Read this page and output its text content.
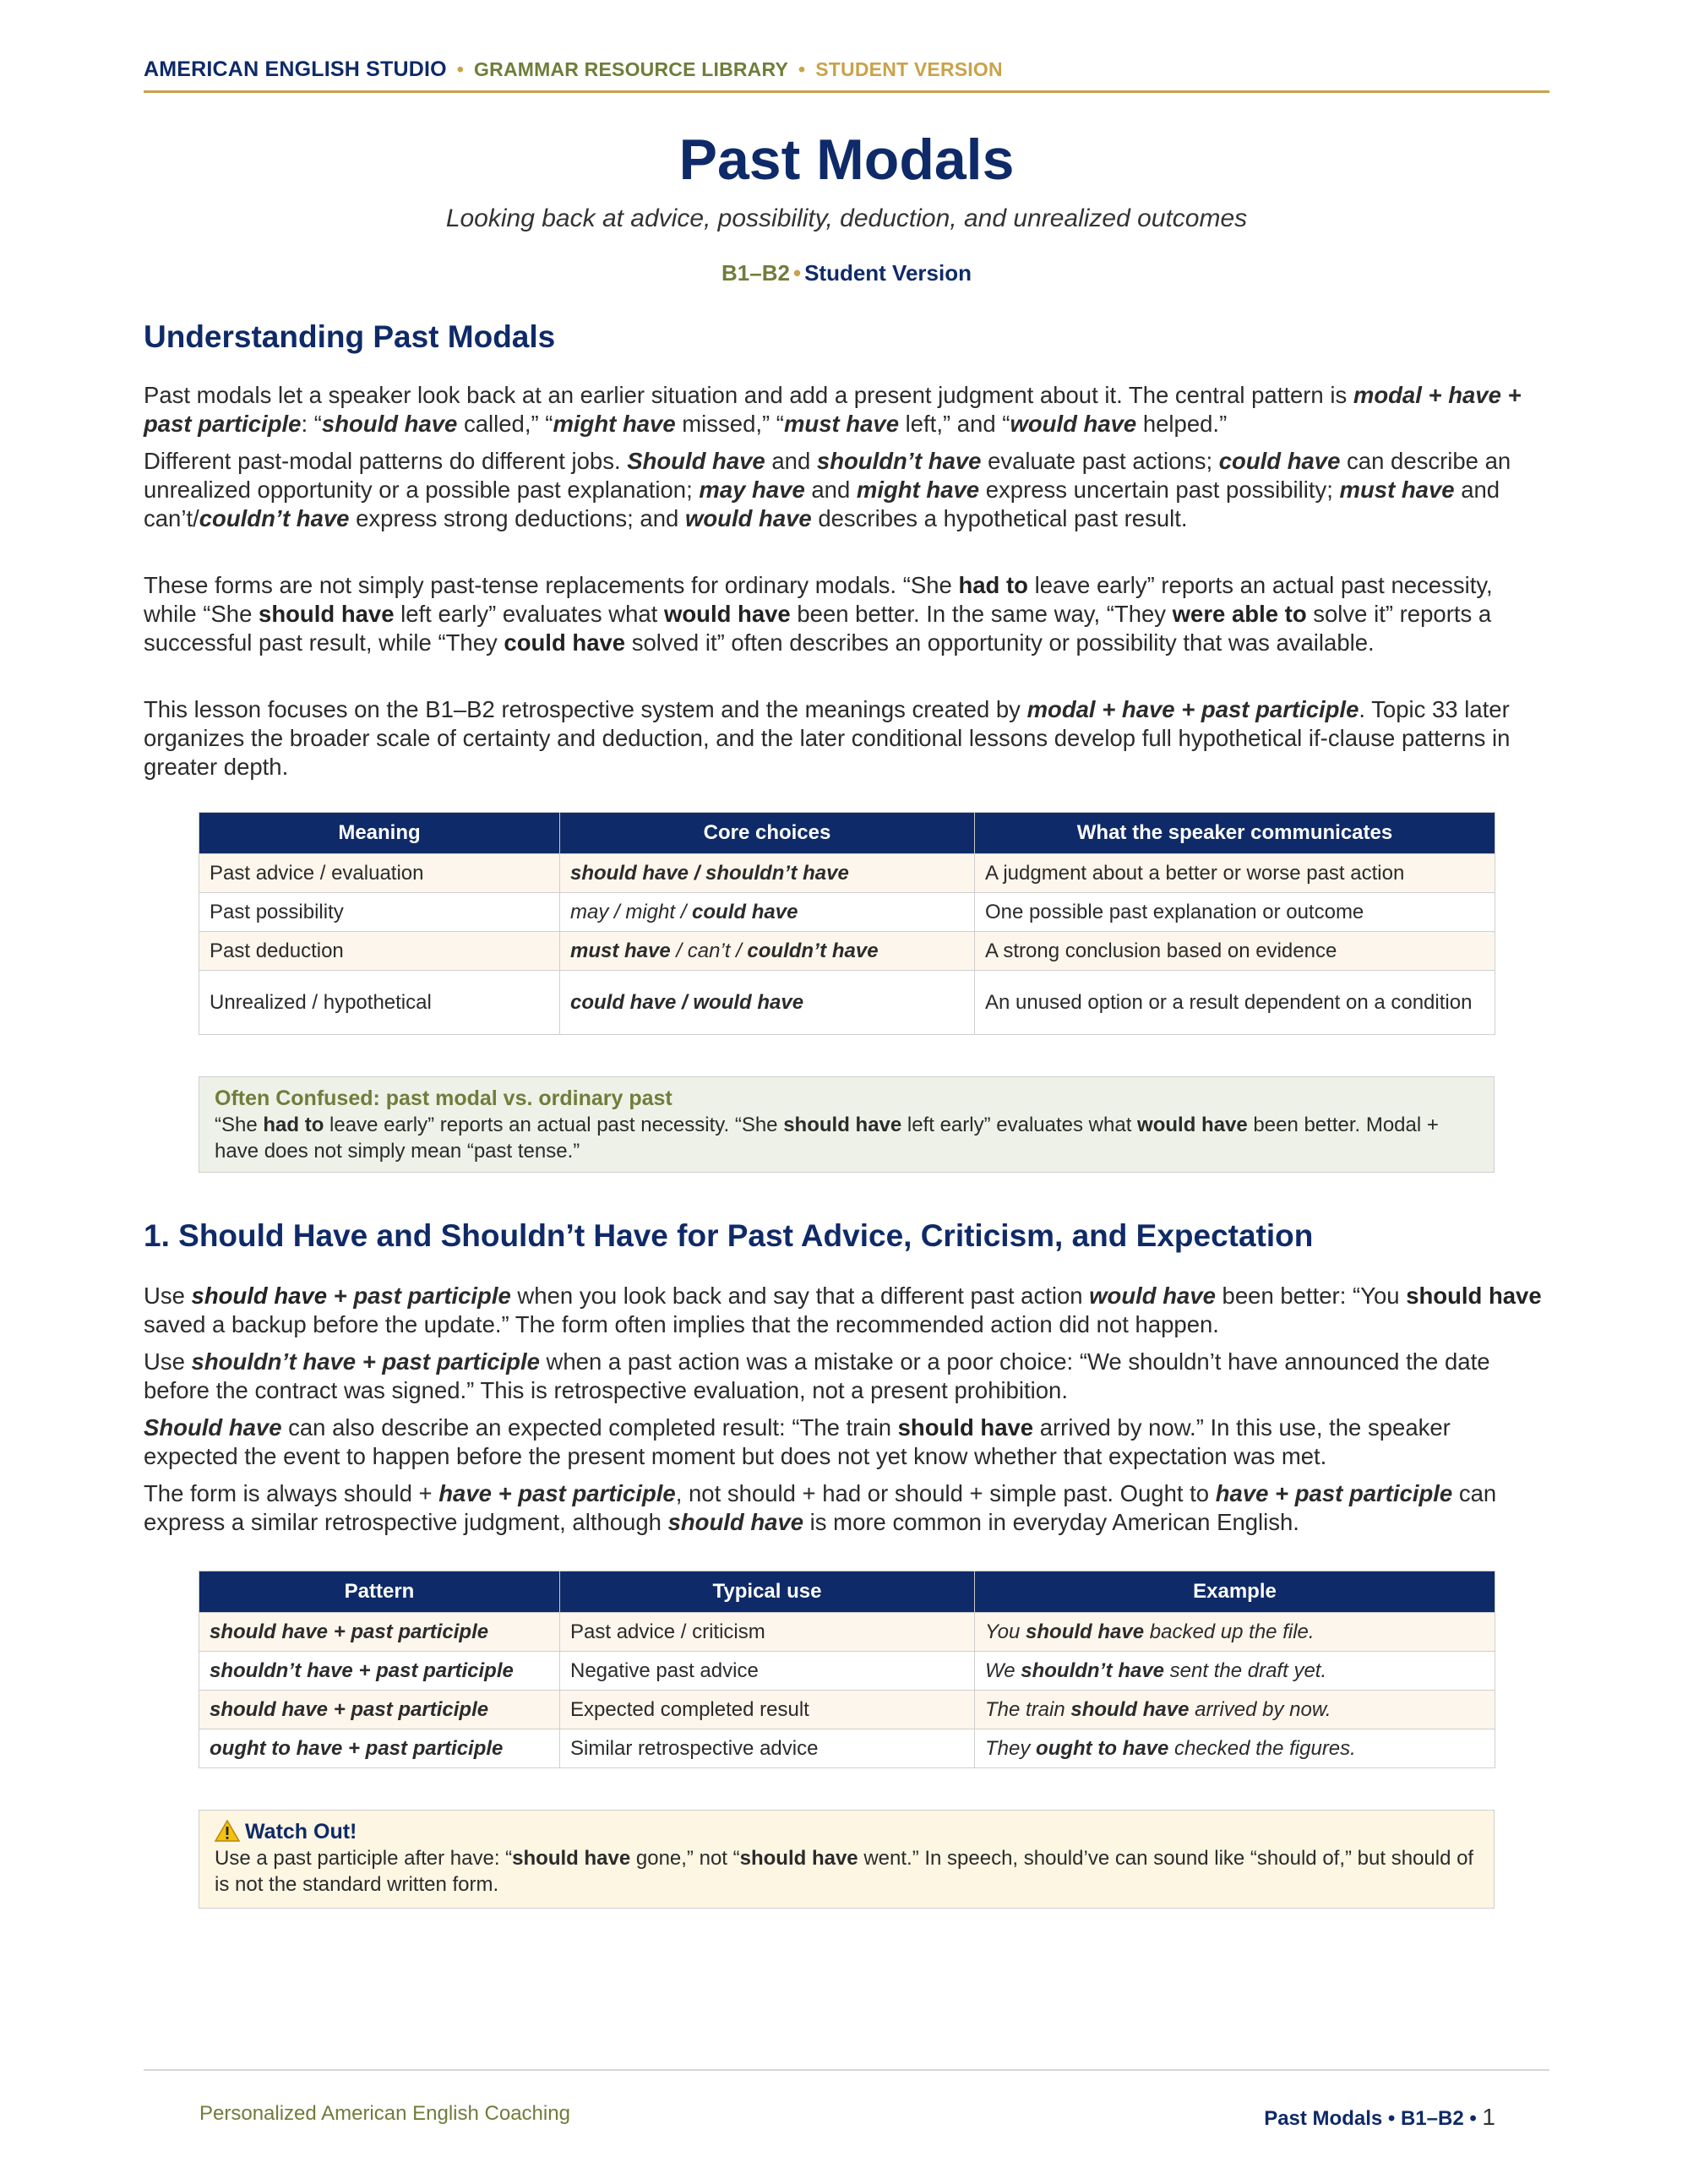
AMERICAN ENGLISH STUDIO • GRAMMAR RESOURCE LIBRARY • STUDENT VERSION
Past Modals

Looking back at advice, possibility, deduction, and unrealized outcomes

B1–B2 • Student Version
Understanding Past Modals

Past modals let a speaker look back at an earlier situation and add a present judgment about it. The central pattern is modal + have + past participle: “should have called,” “might have missed,” “must have left,” and “would have helped.”

Different past-modal patterns do different jobs. Should have and shouldn’t have evaluate past actions; could have can describe an unrealized opportunity or a possible past explanation; may have and might have express uncertain past possibility; must have and can’t/couldn’t have express strong deductions; and would have describes a hypothetical past result.

These forms are not simply past-tense replacements for ordinary modals. “She had to leave early” reports an actual past necessity, while “She should have left early” evaluates what would have been better. In the same way, “They were able to solve it” reports a successful past result, while “They could have solved it” often describes an opportunity or possibility that was available.

This lesson focuses on the B1–B2 retrospective system and the meanings created by modal + have + past participle. Topic 33 later organizes the broader scale of certainty and deduction, and the later conditional lessons develop full hypothetical if-clause patterns in greater depth.

Meaning	Core choices	What the speaker communicates
Past advice / evaluation	should have / shouldn’t have	A judgment about a better or worse past action
Past possibility	may / might / could have	One possible past explanation or outcome
Past deduction	must have / can’t / couldn’t have	A strong conclusion based on evidence
Unrealized / hypothetical	could have / would have	An unused option or a result dependent on a condition
Often Confused: past modal vs. ordinary past
“She had to leave early” reports an actual past necessity. “She should have left early” evaluates what would have been better. Modal + have does not simply mean “past tense.”
1. Should Have and Shouldn’t Have for Past Advice, Criticism, and Expectation

Use should have + past participle when you look back and say that a different past action would have been better: “You should have saved a backup before the update.” The form often implies that the recommended action did not happen.

Use shouldn’t have + past participle when a past action was a mistake or a poor choice: “We shouldn’t have announced the date before the contract was signed.” This is retrospective evaluation, not a present prohibition.

Should have can also describe an expected completed result: “The train should have arrived by now.” In this use, the speaker expected the event to happen before the present moment but does not yet know whether that expectation was met.

The form is always should + have + past participle, not should + had or should + simple past. Ought to have + past participle can express a similar retrospective judgment, although should have is more common in everyday American English.

Pattern	Typical use	Example
should have + past participle	Past advice / criticism	You should have backed up the file.
shouldn’t have + past participle	Negative past advice	We shouldn’t have sent the draft yet.
should have + past participle	Expected completed result	The train should have arrived by now.
ought to have + past participle	Similar retrospective advice	They ought to have checked the figures.
Watch Out!
Use a past participle after have: “should have gone,” not “should have went.” In speech, should’ve can sound like “should of,” but should of is not the standard written form.
Personalized American English Coaching	Past Modals • B1–B2 • 1
